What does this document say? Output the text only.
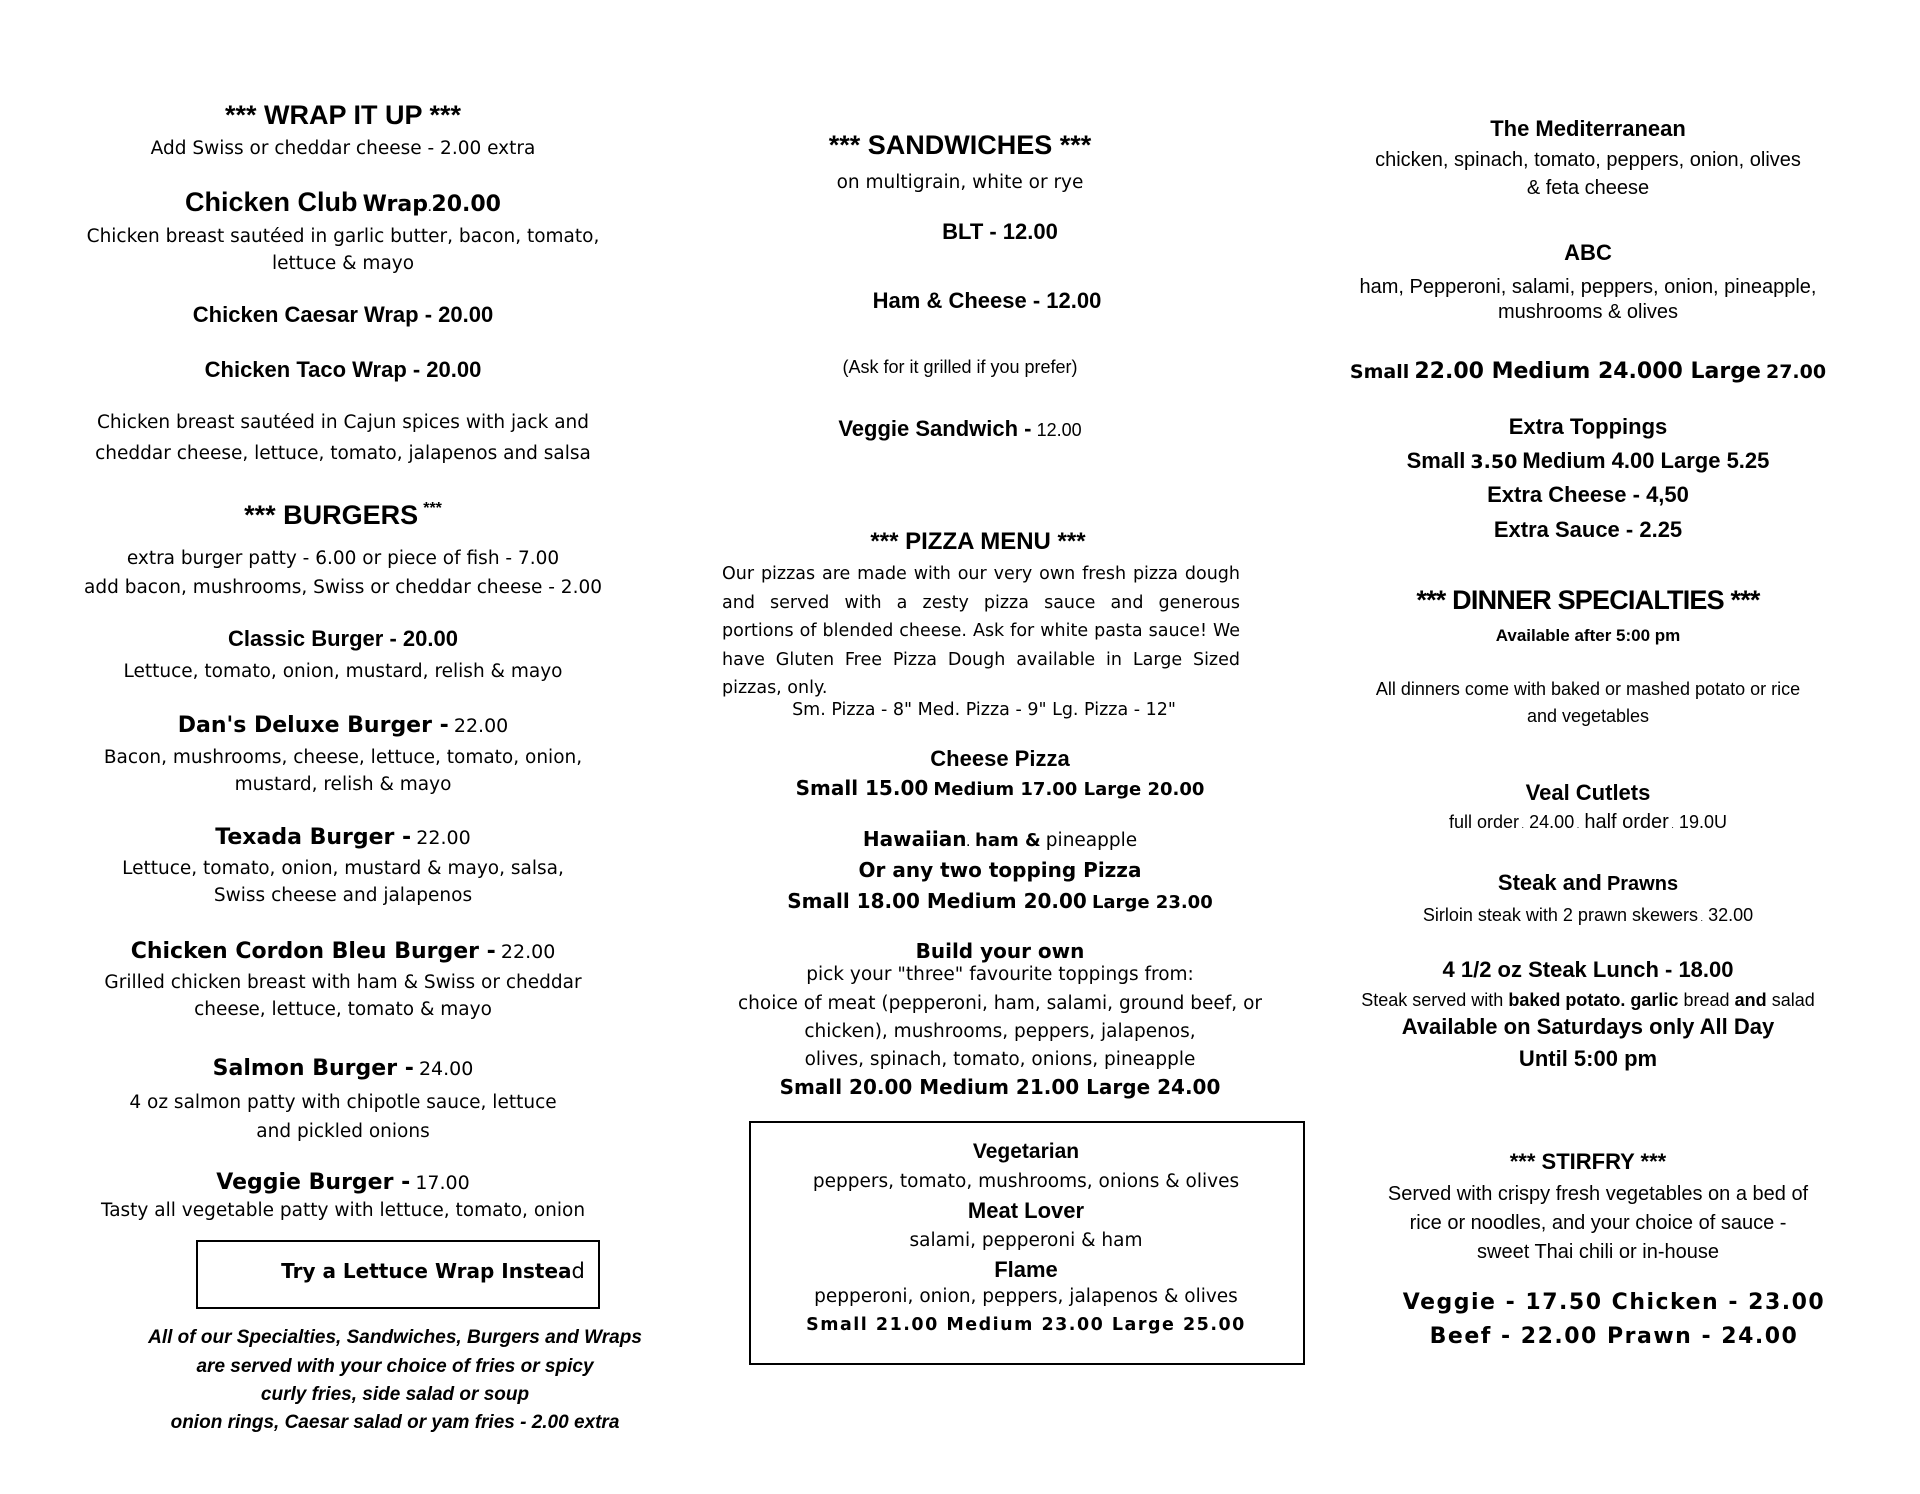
*** WRAP IT UP ***
Add Swiss or cheddar cheese - 2.00 extra
Chicken Club Wrap.20.00
Chicken breast sautéed in garlic butter, bacon, tomato,
lettuce & mayo
Chicken Caesar Wrap - 20.00
Chicken Taco Wrap - 20.00
Chicken breast sautéed in Cajun spices with jack and
cheddar cheese, lettuce, tomato, jalapenos and salsa
*** BURGERS ***
extra burger patty - 6.00 or piece of fish - 7.00
add bacon, mushrooms, Swiss or cheddar cheese - 2.00
Classic Burger - 20.00
Lettuce, tomato, onion, mustard, relish & mayo
Dan's Deluxe Burger - 22.00
Bacon, mushrooms, cheese, lettuce, tomato, onion,
mustard, relish & mayo
Texada Burger - 22.00
Lettuce, tomato, onion, mustard & mayo, salsa,
Swiss cheese and jalapenos
Chicken Cordon Bleu Burger - 22.00
Grilled chicken breast with ham & Swiss or cheddar
cheese, lettuce, tomato & mayo
Salmon Burger - 24.00
4 oz salmon patty with chipotle sauce, lettuce
and pickled onions
Veggie Burger - 17.00
Tasty all vegetable patty with lettuce, tomato, onion
Try a Lettuce Wrap Instead
All of our Specialties, Sandwiches, Burgers and Wraps
are served with your choice of fries or spicy
curly fries, side salad or soup
onion rings, Caesar salad or yam fries - 2.00 extra
*** SANDWICHES ***
on multigrain, white or rye
BLT - 12.00
Ham & Cheese - 12.00
(Ask for it grilled if you prefer)
Veggie Sandwich - 12.00
*** PIZZA MENU ***
Our pizzas are made with our very own fresh pizza dough and served with a zesty pizza sauce and generous portions of blended cheese. Ask for white pasta sauce! We have Gluten Free Pizza Dough available in Large Sized pizzas, only.
Sm. Pizza - 8" Med. Pizza - 9" Lg. Pizza - 12"
Cheese Pizza
Small 15.00 Medium 17.00 Large 20.00
Hawaiian. ham & pineapple
Or any two topping Pizza
Small 18.00 Medium 20.00 Large 23.00
Build your own
pick your "three" favourite toppings from:
choice of meat (pepperoni, ham, salami, ground beef, or
chicken), mushrooms, peppers, jalapenos,
olives, spinach, tomato, onions, pineapple
Small 20.00 Medium 21.00 Large 24.00
Vegetarian
peppers, tomato, mushrooms, onions & olives
Meat Lover
salami, pepperoni & ham
Flame
pepperoni, onion, peppers, jalapenos & olives
Small 21.00 Medium 23.00 Large 25.00
The Mediterranean
chicken, spinach, tomato, peppers, onion, olives
& feta cheese
ABC
ham, Pepperoni, salami, peppers, onion, pineapple,
mushrooms & olives
Small 22.00 Medium 24.000 Large 27.00
Extra Toppings
Small 3.50 Medium 4.00 Large 5.25
Extra Cheese - 4,50
Extra Sauce - 2.25
*** DINNER SPECIALTIES ***
Available after 5:00 pm
All dinners come with baked or mashed potato or rice
and vegetables
Veal Cutlets
full order . 24.00 . half order . 19.0U
Steak and Prawns
Sirloin steak with 2 prawn skewers . 32.00
4 1/2 oz Steak Lunch - 18.00
Steak served with baked potato. garlic bread and salad
Available on Saturdays only All Day
Until 5:00 pm
*** STIRFRY ***
Served with crispy fresh vegetables on a bed of
rice or noodles, and your choice of sauce -
sweet Thai chili or in-house
Veggie - 17.50 Chicken - 23.00
Beef - 22.00 Prawn - 24.00
